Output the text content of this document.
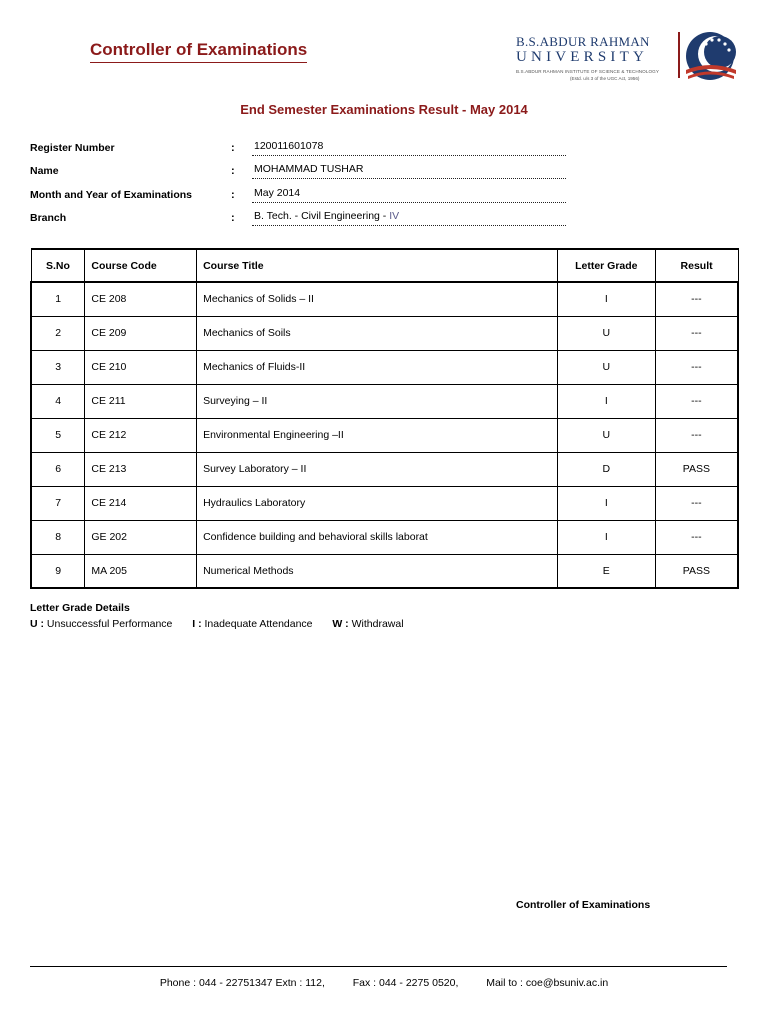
Controller of Examinations	B.S.ABDUR RAHMAN
UNIVERSITY
B.S.ABDUR RAHMAN INSTITUTE OF SCIENCE & TECHNOLOGY
(Estd. u/s 3 of the UGC Act, 1956)
End Semester Examinations Result - May 2014
Register Number	: 120011601078
Name	: MOHAMMAD TUSHAR
Month and Year of Examinations	: May 2014
Branch	: B. Tech. - Civil Engineering - IV
S.No	Course Code	Course Title	Letter Grade	Result
1	CE 208	Mechanics of Solids – II	I	---
2	CE 209	Mechanics of Soils	U	---
3	CE 210	Mechanics of Fluids-II	U	---
4	CE 211	Surveying – II	I	---
5	CE 212	Environmental Engineering –II	U	---
6	CE 213	Survey Laboratory – II	D	PASS
7	CE 214	Hydraulics Laboratory	I	---
8	GE 202	Confidence building and behavioral skills laborat	I	---
9	MA 205	Numerical Methods	E	PASS
Letter Grade Details
U : Unsuccessful Performance I : Inadequate Attendance W : Withdrawal
Controller of Examinations
Phone : 044 - 22751347 Extn : 112,	Fax : 044 - 2275 0520,	Mail to : coe@bsuniv.ac.in
